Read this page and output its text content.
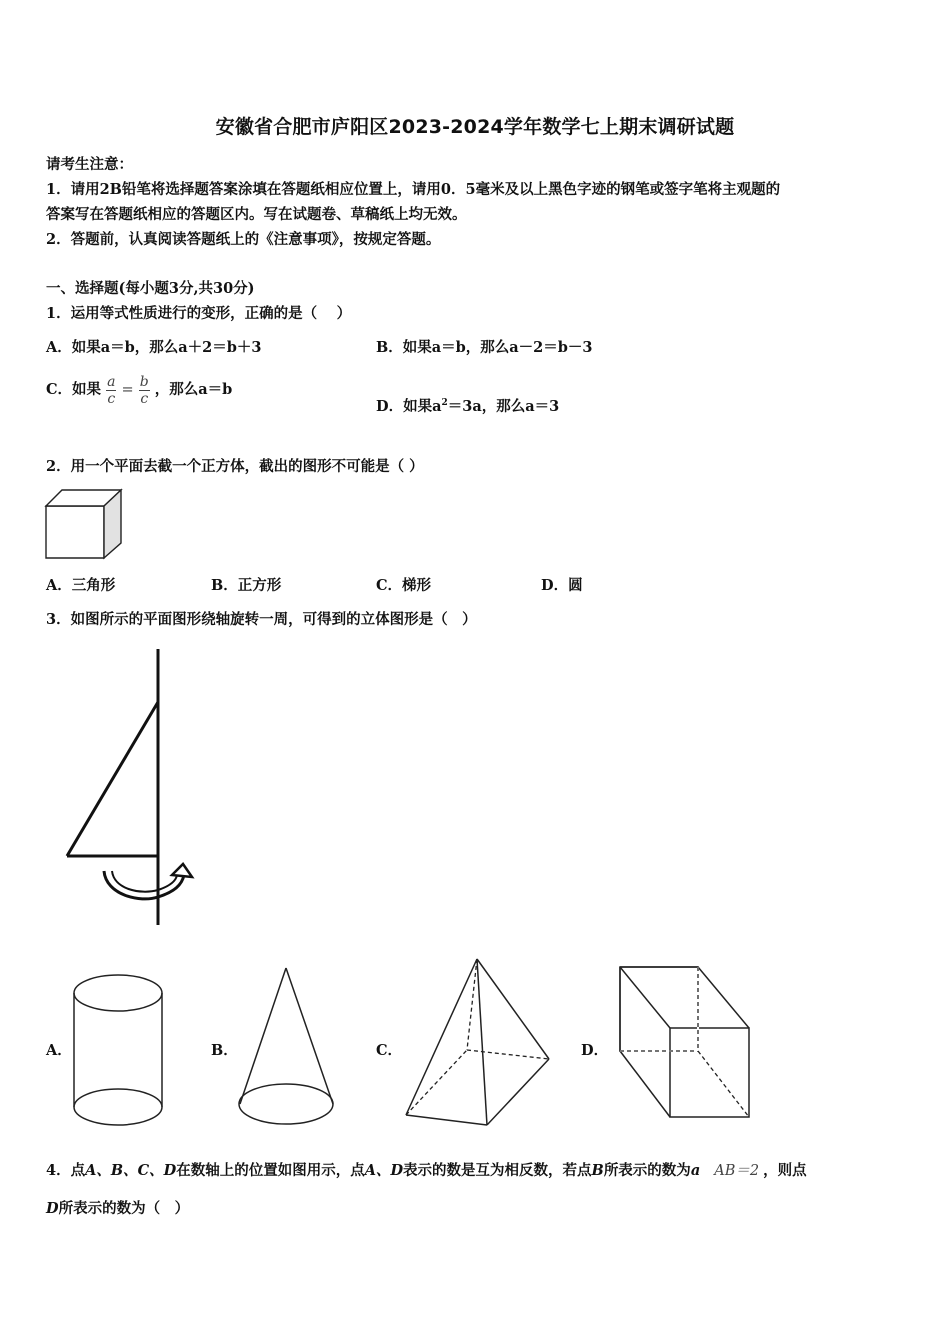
安徽省合肥市庐阳区2023-2024学年数学七上期末调研试题
请考生注意：
1．请用2B铅笔将选择题答案涂填在答题纸相应位置上，请用0．5毫米及以上黑色字迹的钢笔或签字笔将主观题的
答案写在答题纸相应的答题区内。写在试题卷、草稿纸上均无效。
2．答题前，认真阅读答题纸上的《注意事项》，按规定答题。
一、选择题(每小题3分,共30分)
1．运用等式性质进行的变形，正确的是（　 ）
A．如果a＝b，那么a＋2＝b＋3	B．如果a＝b，那么a－2＝b－3
C．如果 $\frac{a}{c} = \frac{b}{c}$ ，那么a＝b
D．如果$a^2=3a$，那么a＝3
2．用一个平面去截一个正方体，截出的图形不可能是（ ）
A．三角形	B．正方形	C．梯形	D．圆
3．如图所示的平面图形绕轴旋转一周，可得到的立体图形是（　）
A．	B．	C．	D．
4．点A、B、C、D在数轴上的位置如图用示，点A、D表示的数是互为相反数，若点B所表示的数为a AB＝2 ，则点
D所表示的数为（　）
